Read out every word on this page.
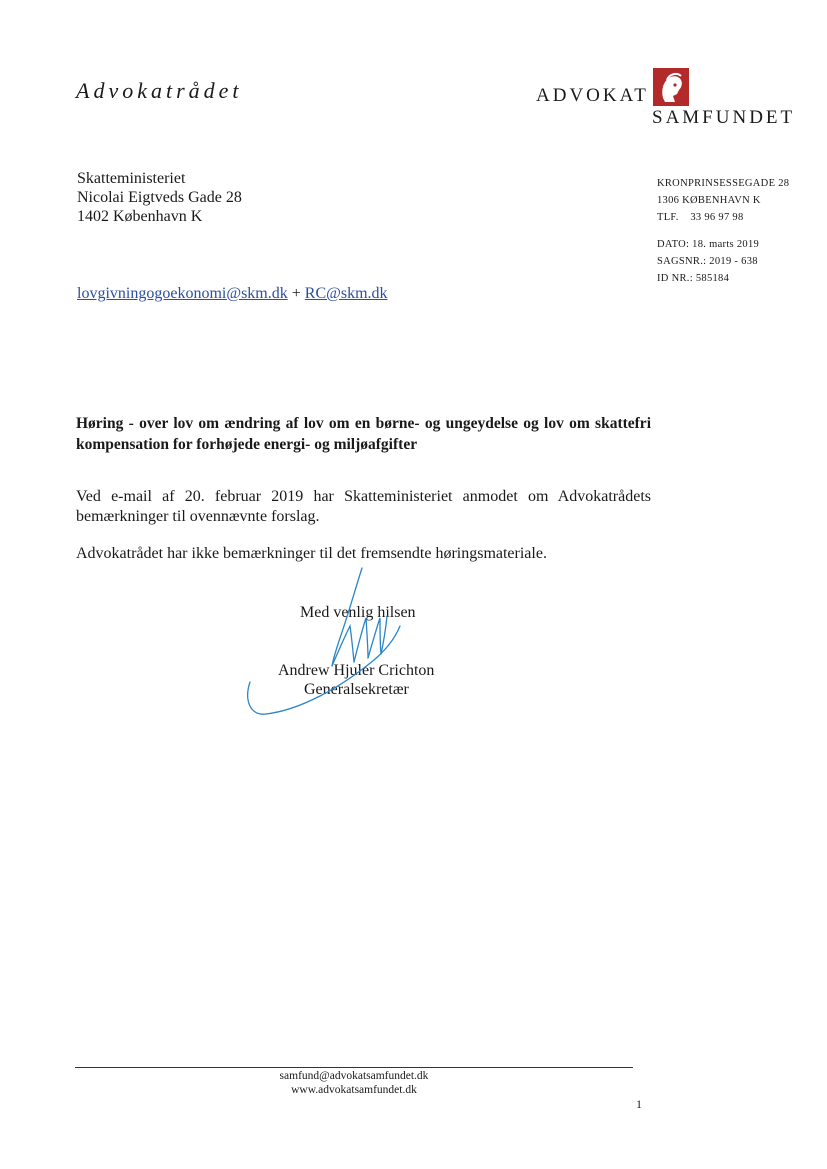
Advokatrådet	ADVOKAT
SAMFUNDET
Skatteministeriet
Nicolai Eigtveds Gade 28
1402 København K
KRONPRINSESSEGADE 28
1306 KØBENHAVN K
TLF.    33 96 97 98
DATO: 18. marts 2019
SAGSNR.: 2019 - 638
ID NR.: 585184
lovgivningogoekonomi@skm.dk + RC@skm.dk
Høring - over lov om ændring af lov om en børne- og ungeydelse og lov om skattefri kompensation for forhøjede energi- og miljøafgifter
Ved e-mail af 20. februar 2019 har Skatteministeriet anmodet om Advokatrådets bemærkninger til ovennævnte forslag.
Advokatrådet har ikke bemærkninger til det fremsendte høringsmateriale.
Med venlig hilsen
Andrew Hjuler Crichton
Generalsekretær
samfund@advokatsamfundet.dk
www.advokatsamfundet.dk
1
